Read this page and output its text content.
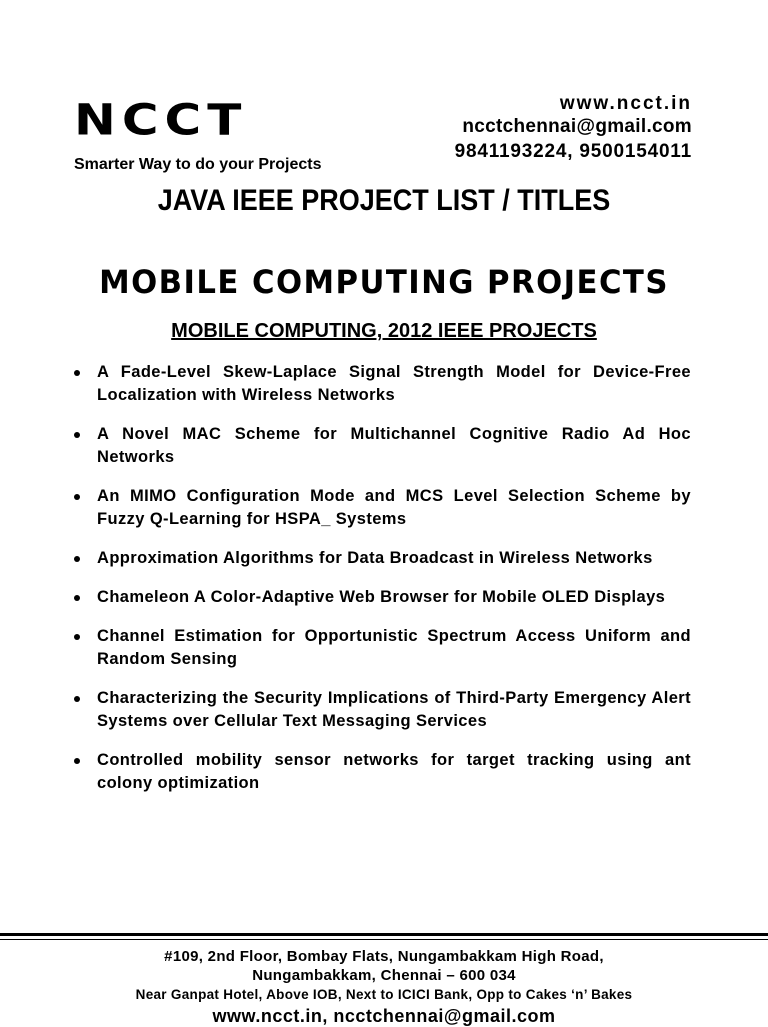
NCCT
Smarter Way to do your Projects
www.ncct.in
ncctchennai@gmail.com
9841193224, 9500154011
JAVA IEEE PROJECT LIST / TITLES
MOBILE COMPUTING PROJECTS
MOBILE COMPUTING, 2012 IEEE PROJECTS
A Fade-Level Skew-Laplace Signal Strength Model for Device-Free Localization with Wireless Networks
A Novel MAC Scheme for Multichannel Cognitive Radio Ad Hoc Networks
An MIMO Configuration Mode and MCS Level Selection Scheme by Fuzzy Q-Learning for HSPA_ Systems
Approximation Algorithms for Data Broadcast in Wireless Networks
Chameleon A Color-Adaptive Web Browser for Mobile OLED Displays
Channel Estimation for Opportunistic Spectrum Access Uniform and Random Sensing
Characterizing the Security Implications of Third-Party Emergency Alert Systems over Cellular Text Messaging Services
Controlled mobility sensor networks for target tracking using ant colony optimization
#109, 2nd Floor, Bombay Flats, Nungambakkam High Road,
Nungambakkam, Chennai – 600 034
Near Ganpat Hotel, Above IOB, Next to ICICI Bank, Opp to Cakes ‘n’ Bakes
www.ncct.in, ncctchennai@gmail.com
